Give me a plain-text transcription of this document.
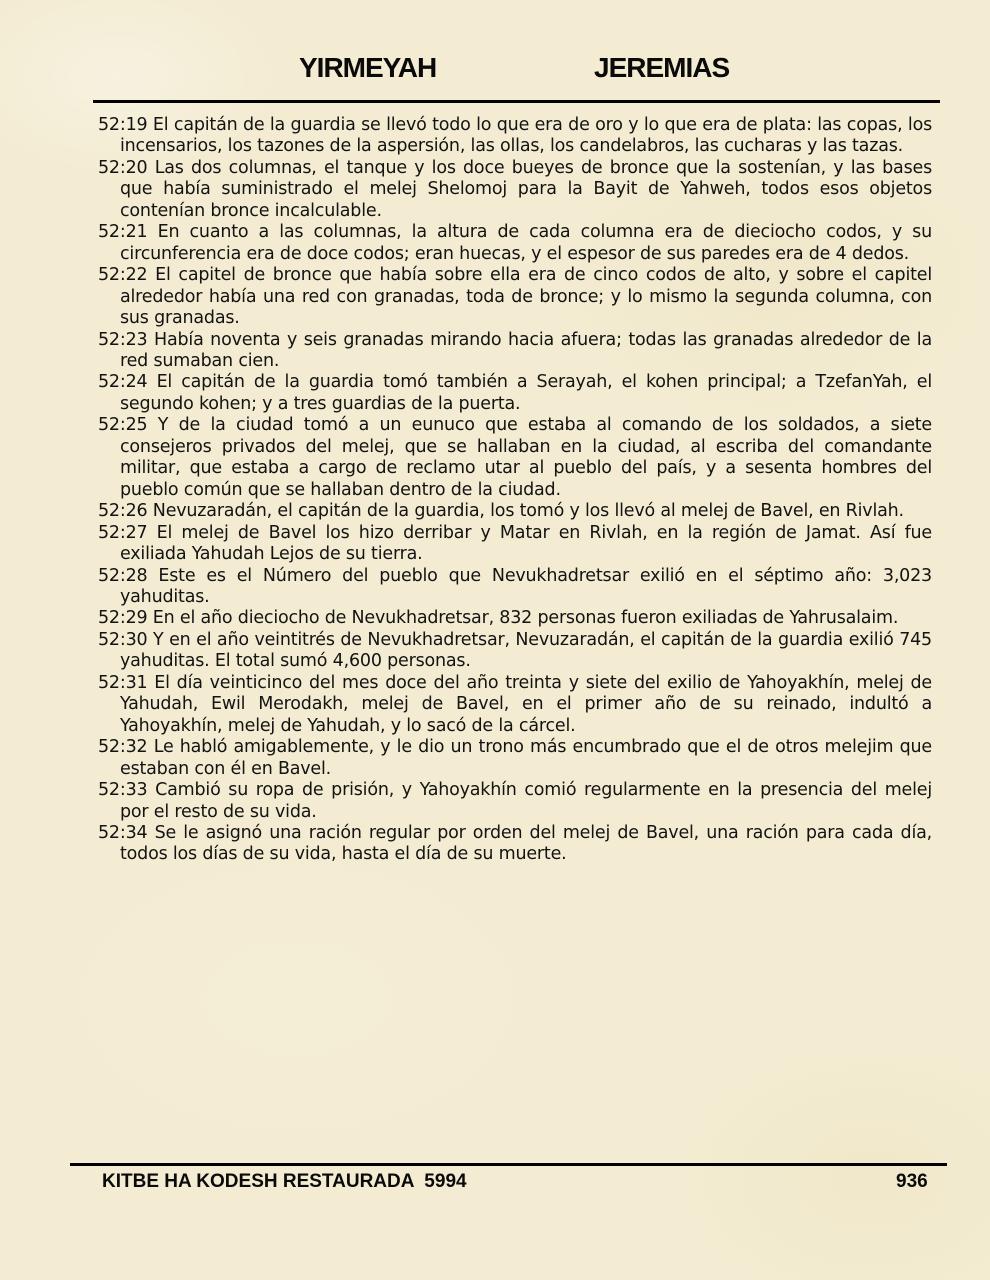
YIRMEYAH	JEREMIAS

52:19 El capitán de la guardia se llevó todo lo que era de oro y lo que era de plata: las copas, los incensarios, los tazones de la aspersión, las ollas, los candelabros, las cucharas y las tazas.

52:20 Las dos columnas, el tanque y los doce bueyes de bronce que la sostenían, y las bases que había suministrado el melej Shelomoj para la Bayit de Yahweh, todos esos objetos contenían bronce incalculable.

52:21 En cuanto a las columnas, la altura de cada columna era de dieciocho codos, y su circunferencia era de doce codos; eran huecas, y el espesor de sus paredes era de 4 dedos.

52:22 El capitel de bronce que había sobre ella era de cinco codos de alto, y sobre el capitel alrededor había una red con granadas, toda de bronce; y lo mismo la segunda columna, con sus granadas.

52:23 Había noventa y seis granadas mirando hacia afuera; todas las granadas alrededor de la red sumaban cien.

52:24 El capitán de la guardia tomó también a Serayah, el kohen principal; a TzefanYah, el segundo kohen; y a tres guardias de la puerta.

52:25 Y de la ciudad tomó a un eunuco que estaba al comando de los soldados, a siete consejeros privados del melej, que se hallaban en la ciudad, al escriba del comandante militar, que estaba a cargo de reclamo utar al pueblo del país, y a sesenta hombres del pueblo común que se hallaban dentro de la ciudad.

52:26 Nevuzaradán, el capitán de la guardia, los tomó y los llevó al melej de Bavel, en Rivlah.

52:27 El melej de Bavel los hizo derribar y Matar en Rivlah, en la región de Jamat. Así fue exiliada Yahudah Lejos de su tierra.

52:28 Este es el Número del pueblo que Nevukhadretsar exilió en el séptimo año: 3,023 yahuditas.

52:29 En el año dieciocho de Nevukhadretsar, 832 personas fueron exiliadas de Yahrusalaim.

52:30 Y en el año veintitrés de Nevukhadretsar, Nevuzaradán, el capitán de la guardia exilió 745 yahuditas. El total sumó 4,600 personas.

52:31 El día veinticinco del mes doce del año treinta y siete del exilio de Yahoyakhín, melej de Yahudah, Ewil Merodakh, melej de Bavel, en el primer año de su reinado, indultó a Yahoyakhín, melej de Yahudah, y lo sacó de la cárcel.

52:32 Le habló amigablemente, y le dio un trono más encumbrado que el de otros melejim que estaban con él en Bavel.

52:33 Cambió su ropa de prisión, y Yahoyakhín comió regularmente en la presencia del melej por el resto de su vida.

52:34 Se le asignó una ración regular por orden del melej de Bavel, una ración para cada día, todos los días de su vida, hasta el día de su muerte.

KITBE HA KODESH RESTAURADA  5994	936
